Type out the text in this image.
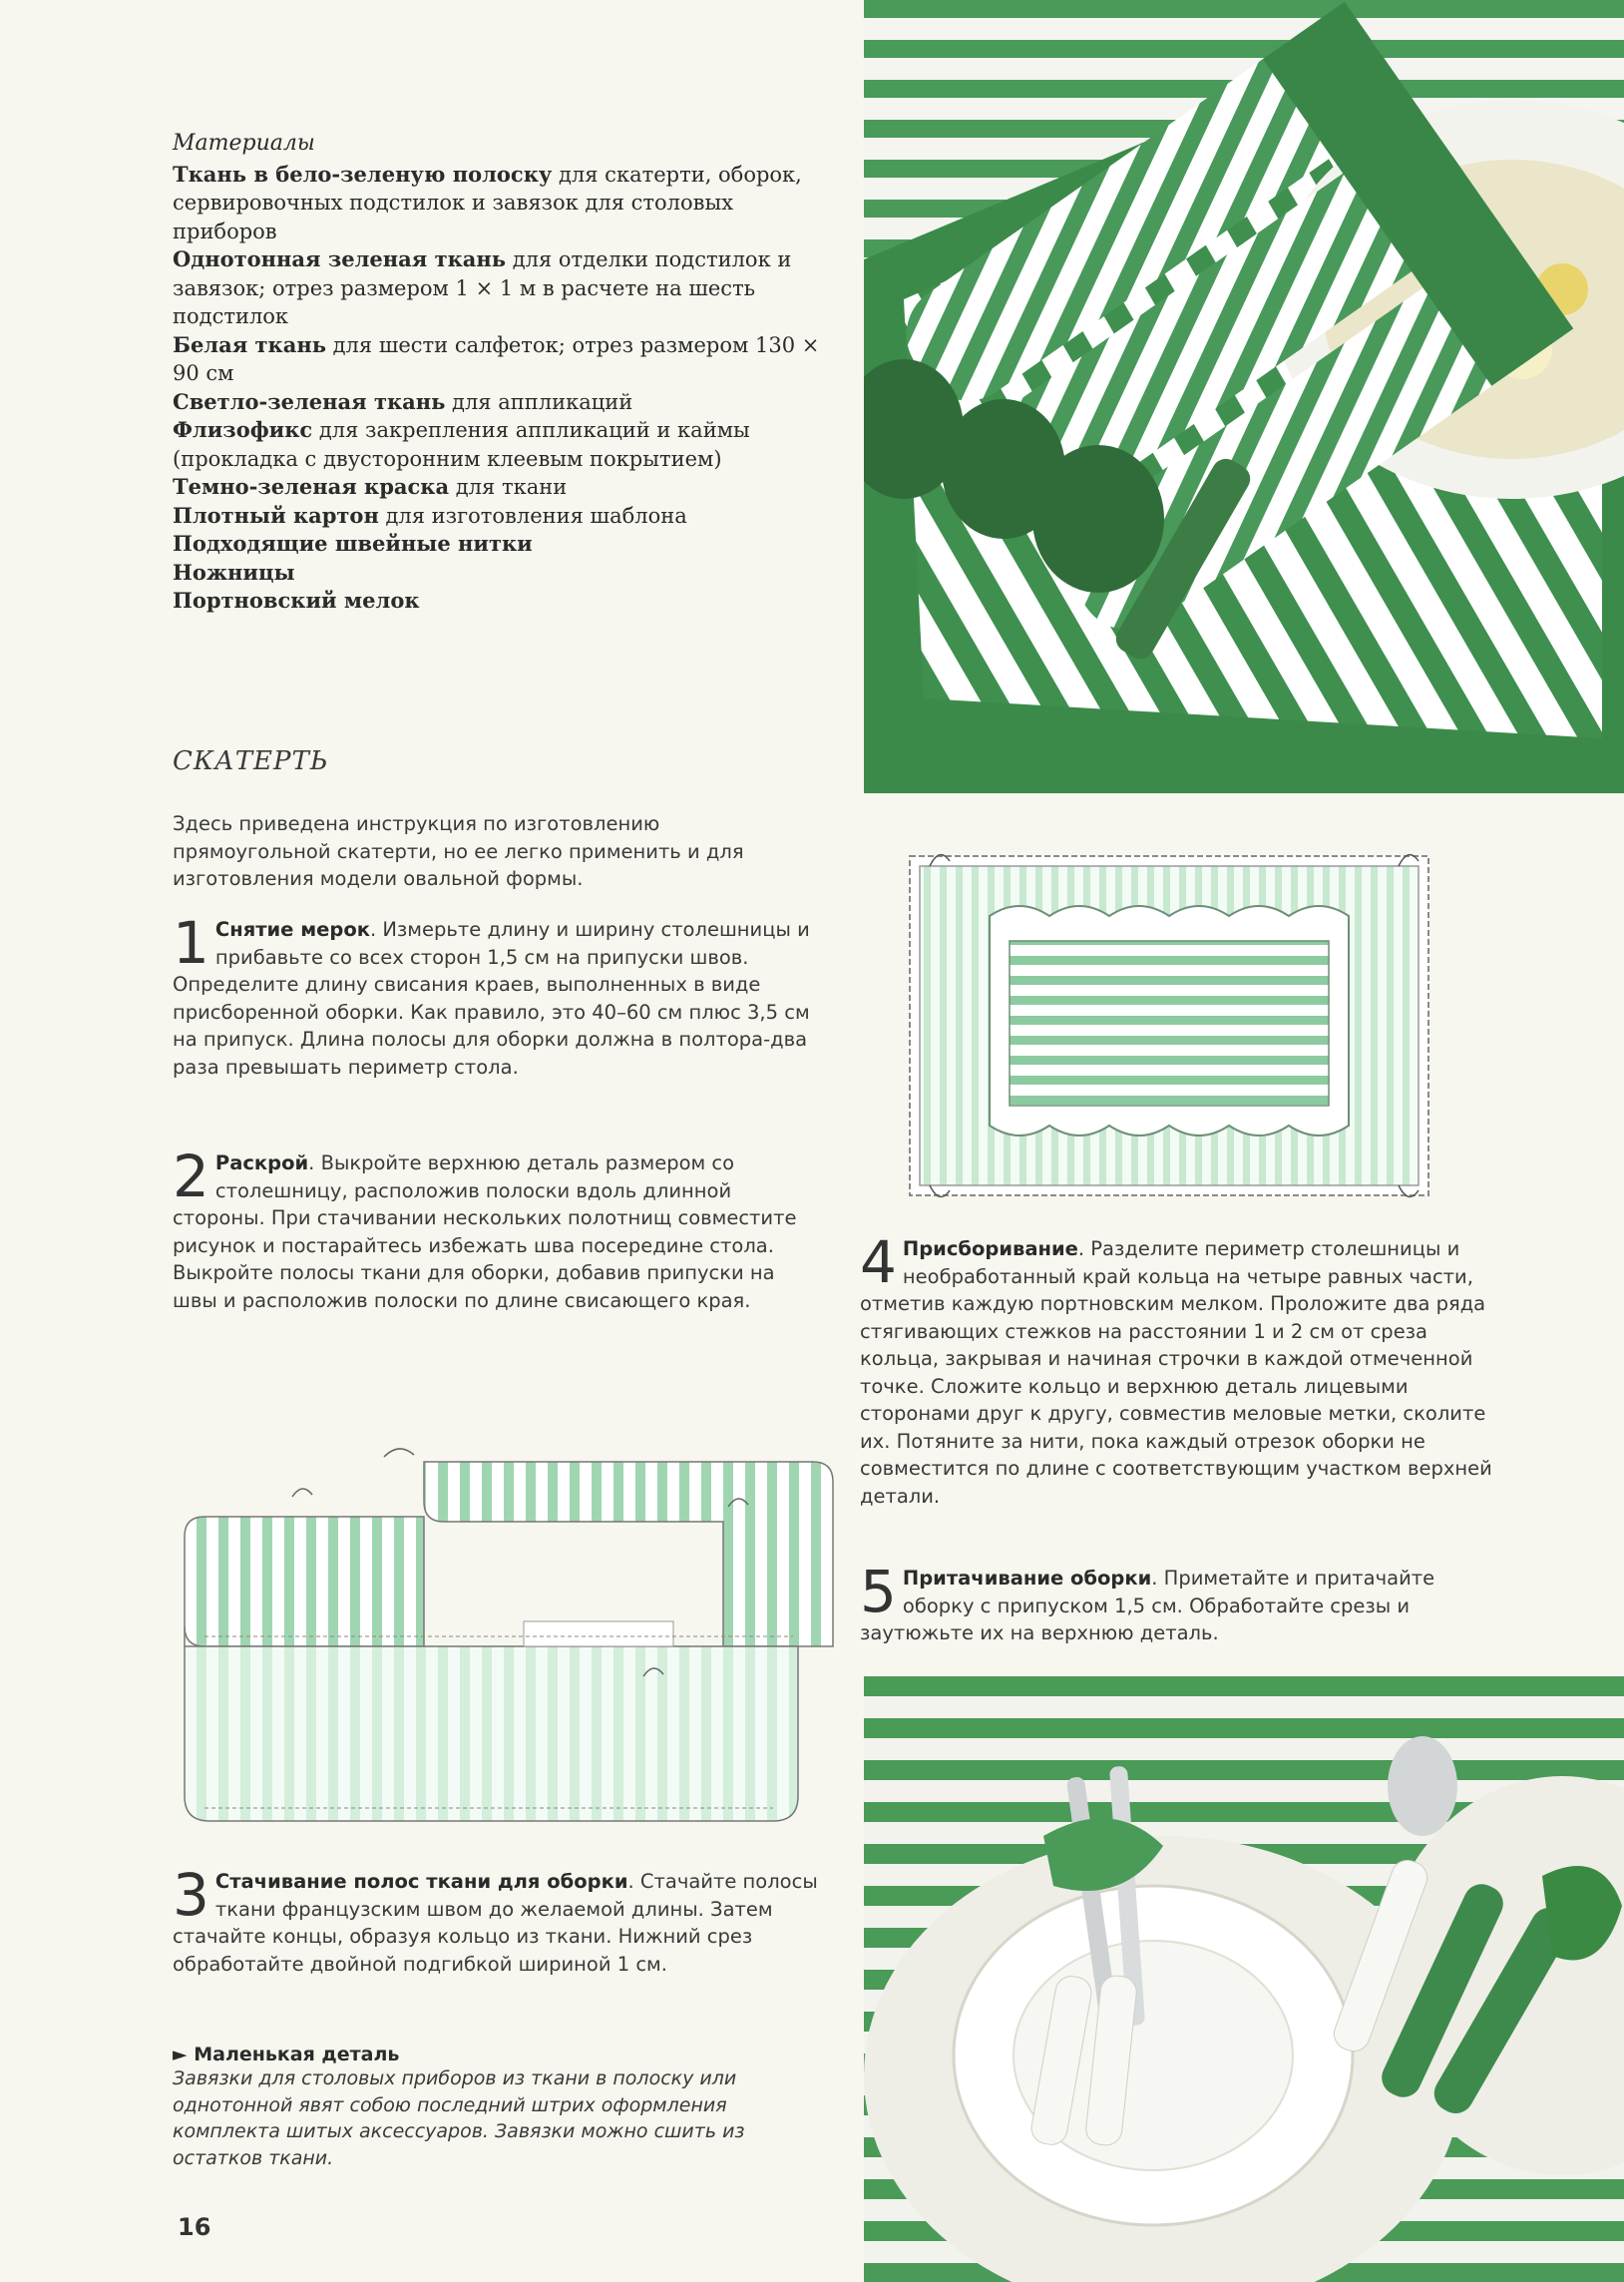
Материалы
Ткань в бело-зеленую полоску для скатерти, оборок, сервировочных подстилок и завязок для столовых приборов
Однотонная зеленая ткань для отделки подстилок и завязок; отрез размером 1 × 1 м в расчете на шесть подстилок
Белая ткань для шести салфеток; отрез размером 130 × 90 см
Светло-зеленая ткань для аппликаций
Флизофикс для закрепления аппликаций и каймы (прокладка с двусторонним клеевым покрытием)
Темно-зеленая краска для ткани
Плотный картон для изготовления шаблона
Подходящие швейные нитки
Ножницы
Портновский мелок
СКАТЕРТЬ
Здесь приведена инструкция по изготовлению прямоугольной скатерти, но ее легко применить и для изготовления модели овальной формы.
1 Снятие мерок. Измерьте длину и ширину столешницы и прибавьте со всех сторон 1,5 см на припуски швов. Определите длину свисания краев, выполненных в виде присборенной оборки. Как правило, это 40–60 см плюс 3,5 см на припуск. Длина полосы для оборки должна в полтора-два раза превышать периметр стола.
2 Раскрой. Выкройте верхнюю деталь размером со столешницу, расположив полоски вдоль длинной стороны. При стачивании нескольких полотнищ совместите рисунок и постарайтесь избежать шва посередине стола. Выкройте полосы ткани для оборки, добавив припуски на швы и расположив полоски по длине свисающего края.
3 Стачивание полос ткани для оборки. Стачайте полосы ткани французским швом до желаемой длины. Затем стачайте концы, образуя кольцо из ткани. Нижний срез обработайте двойной подгибкой шириной 1 см.
4 Присборивание. Разделите периметр столешницы и необработанный край кольца на четыре равных части, отметив каждую портновским мелком. Проложите два ряда стягивающих стежков на расстоянии 1 и 2 см от среза кольца, закрывая и начиная строчки в каждой отмеченной точке. Сложите кольцо и верхнюю деталь лицевыми сторонами друг к другу, совместив меловые метки, сколите их. Потяните за нити, пока каждый отрезок оборки не совместится по длине с соответствующим участком верхней детали.
5 Притачивание оборки. Приметайте и притачайте оборку с припуском 1,5 см. Обработайте срезы и заутюжьте их на верхнюю деталь.
► Маленькая деталь
Завязки для столовых приборов из ткани в полоску или однотонной явят собою последний штрих оформления комплекта шитых аксессуаров. Завязки можно сшить из остатков ткани.
16
